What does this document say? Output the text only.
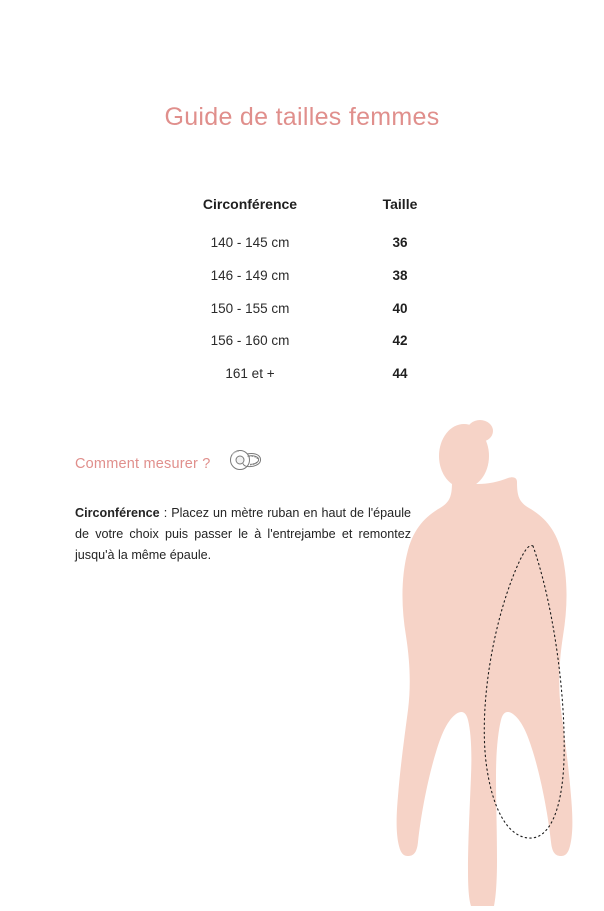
Guide de tailles femmes
Circonférence	Taille
140 - 145 cm	36
146 - 149 cm	38
150 - 155 cm	40
156 - 160 cm	42
161 et +	44
Comment mesurer ?

Circonférence : Placez un mètre ruban en haut de l'épaule de votre choix puis passer le à l'entrejambe et remontez jusqu'à la même épaule.
